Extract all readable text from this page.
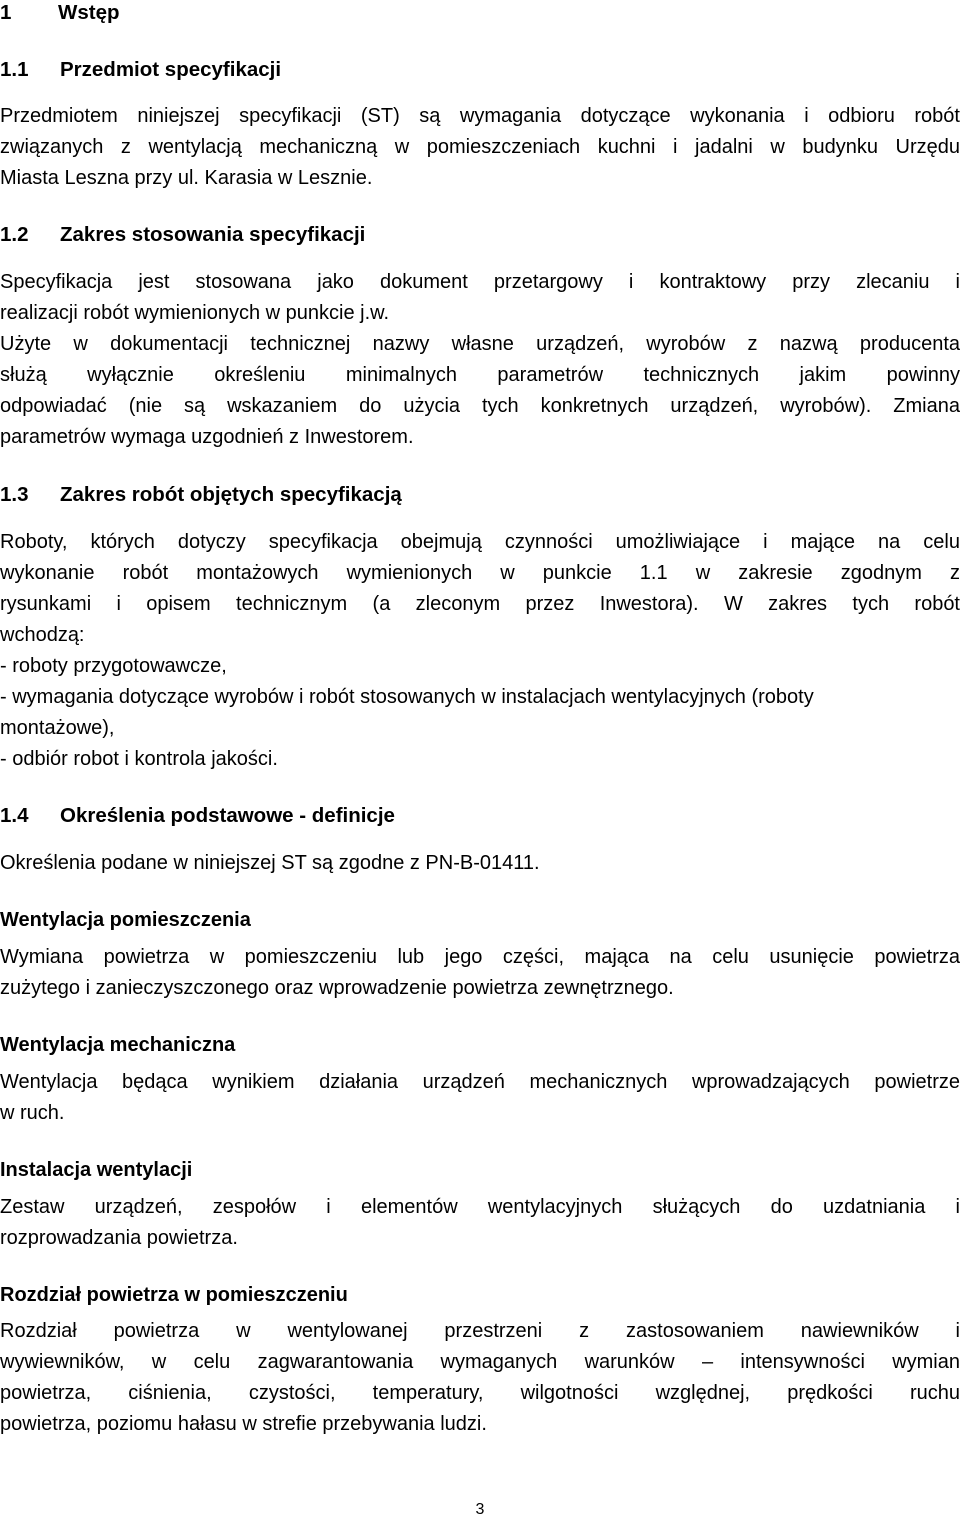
1 Wstęp
1.1 Przedmiot specyfikacji
Przedmiotem niniejszej specyfikacji (ST) są wymagania dotyczące wykonania i odbioru robót
związanych z wentylacją mechaniczną w pomieszczeniach kuchni i jadalni w budynku Urzędu
Miasta Leszna przy ul. Karasia w Lesznie.
1.2 Zakres stosowania specyfikacji
Specyfikacja jest stosowana jako dokument przetargowy i kontraktowy przy zlecaniu i
realizacji robót wymienionych w punkcie j.w.
Użyte w dokumentacji technicznej nazwy własne urządzeń, wyrobów z nazwą producenta
służą wyłącznie określeniu minimalnych parametrów technicznych jakim powinny
odpowiadać (nie są wskazaniem do użycia tych konkretnych urządzeń, wyrobów). Zmiana
parametrów wymaga uzgodnień z Inwestorem.
1.3 Zakres robót objętych specyfikacją
Roboty, których dotyczy specyfikacja obejmują czynności umożliwiające i mające na celu
wykonanie robót montażowych wymienionych w punkcie 1.1 w zakresie zgodnym z
rysunkami i opisem technicznym (a zleconym przez Inwestora). W zakres tych robót
wchodzą:
- roboty przygotowawcze,
- wymagania dotyczące wyrobów i robót stosowanych w instalacjach wentylacyjnych (roboty
montażowe),
- odbiór robot i kontrola jakości.
1.4 Określenia podstawowe - definicje
Określenia podane w niniejszej ST są zgodne z PN-B-01411.
Wentylacja pomieszczenia
Wymiana powietrza w pomieszczeniu lub jego części, mająca na celu usunięcie powietrza
zużytego i zanieczyszczonego oraz wprowadzenie powietrza zewnętrznego.
Wentylacja mechaniczna
Wentylacja będąca wynikiem działania urządzeń mechanicznych wprowadzających powietrze
w ruch.
Instalacja wentylacji
Zestaw urządzeń, zespołów i elementów wentylacyjnych służących do uzdatniania i
rozprowadzania powietrza.
Rozdział powietrza w pomieszczeniu
Rozdział powietrza w wentylowanej przestrzeni z zastosowaniem nawiewników i
wywiewników, w celu zagwarantowania wymaganych warunków – intensywności wymian
powietrza, ciśnienia, czystości, temperatury, wilgotności względnej, prędkości ruchu
powietrza, poziomu hałasu w strefie przebywania ludzi.
3
